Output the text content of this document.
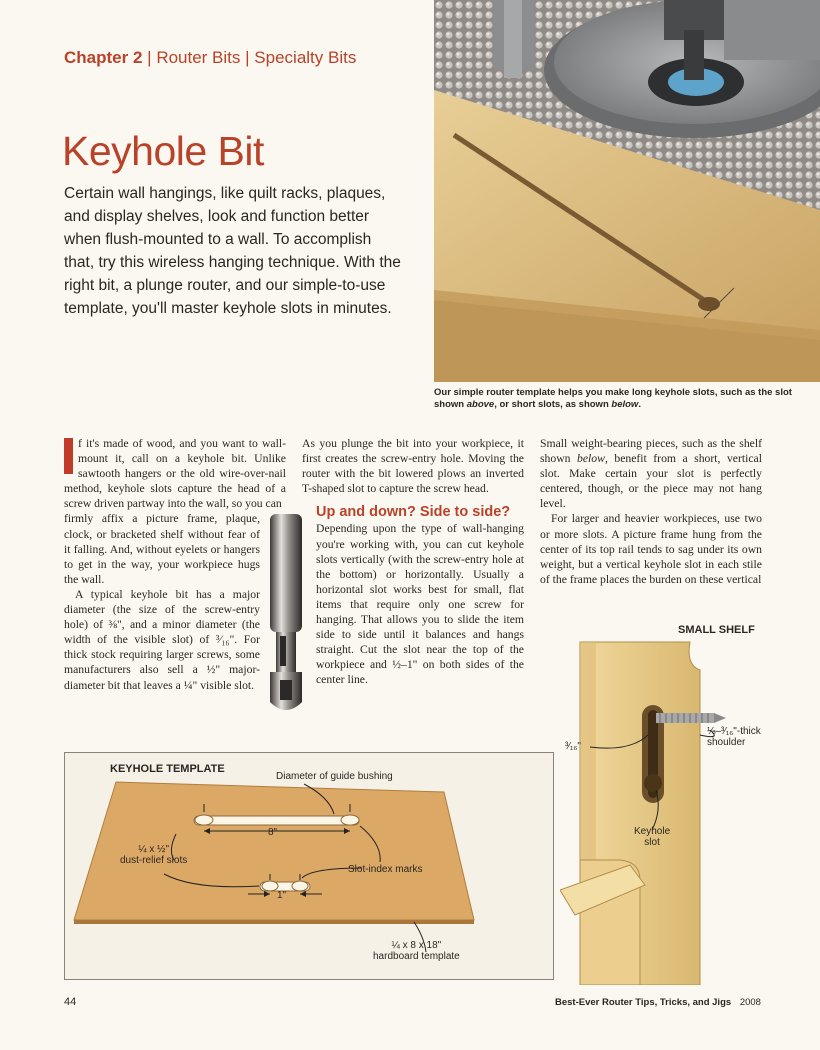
Chapter 2 | Router Bits | Specialty Bits
Keyhole Bit
Certain wall hangings, like quilt racks, plaques, and display shelves, look and function better when flush-mounted to a wall. To accomplish that, try this wireless hanging technique. With the right bit, a plunge router, and our simple-to-use template, you'll master keyhole slots in minutes.
Our simple router template helps you make long keyhole slots, such as the slot shown above, or short slots, as shown below.

f it's made of wood, and you want to wall-mount it, call on a keyhole bit. Unlike sawtooth hangers or the old wire-over-nail method, keyhole slots capture the head of a screw driven partway into the wall, so you can

firmly affix a picture frame, plaque, clock, or bracketed shelf without fear of it falling. And, without eyelets or hangers to get in the way, your workpiece hugs the wall.

A typical keyhole bit has a major diameter (the size of the screw-entry hole) of ⅜", and a minor diameter (the width of the visible slot) of ³⁄₁₆". For thick stock requiring larger screws, some manufacturers also sell a ½" major-diameter bit that leaves a ¼" visible slot.

As you plunge the bit into your workpiece, it first creates the screw-entry hole. Moving the router with the bit lowered plows an inverted T-shaped slot to capture the screw head.

Up and down? Side to side?

Depending upon the type of wall-hanging you're working with, you can cut keyhole slots vertically (with the screw-entry hole at the bottom) or horizontally. Usually a horizontal slot works best for small, flat items that require only one screw for hanging. That allows you to slide the item side to side until it balances and hangs straight. Cut the slot near the top of the workpiece and ½–1" on both sides of the center line.

Small weight-bearing pieces, such as the shelf shown below, benefit from a short, vertical slot. Make certain your slot is perfectly centered, though, or the piece may not hang level.

For larger and heavier workpieces, use two or more slots. A picture frame hung from the center of its top rail tends to sag under its own weight, but a vertical keyhole slot in each stile of the frame places the burden on these vertical

SMALL SHELF
³⁄₁₆"
⅛–³⁄₁₆"-thick
shoulder
Keyhole
slot
KEYHOLE TEMPLATE
Diameter of guide bushing
8"
1"
¼ x ½"
dust-relief slots
Slot-index marks
¼ x 8 x 18"
hardboard template
44	Best-Ever Router Tips, Tricks, and Jigs 2008
